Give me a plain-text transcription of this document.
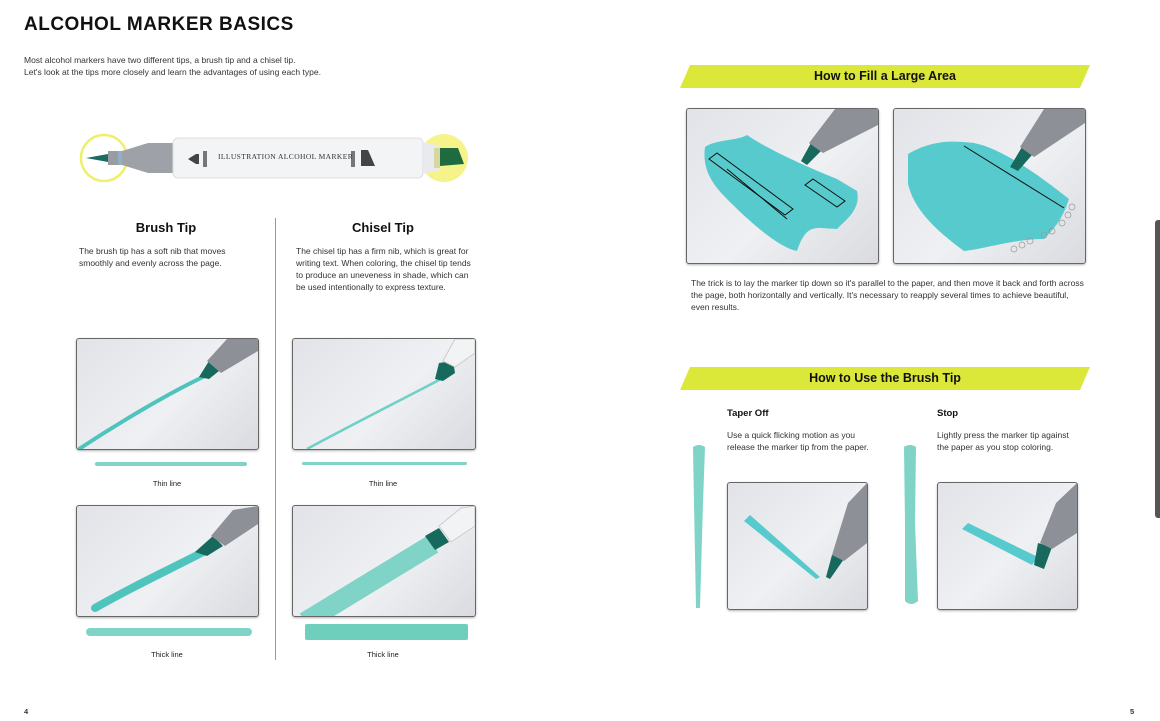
ALCOHOL MARKER BASICS
Most alcohol markers have two different tips, a brush tip and a chisel tip.
Let's look at the tips more closely and learn the advantages of using each type.
ILLUSTRATION ALCOHOL MARKER
Brush Tip
The brush tip has a soft nib that moves smoothly and evenly across the page.
Chisel Tip
The chisel tip has a firm nib, which is great for writing text. When coloring, the chisel tip tends to produce an uneveness in shade, which can be used intentionally to express texture.
Thin line	Thin line
Thick line	Thick line
4
How to Fill a Large Area
The trick is to lay the marker tip down so it's parallel to the paper, and then move it back and forth across the page, both horizontally and vertically. It's necessary to reapply several times to achieve beautiful, even results.
How to Use the Brush Tip
Taper Off
Use a quick flicking motion as you release the marker tip from the paper.
Stop
Lightly press the marker tip against the paper as you stop coloring.
5
